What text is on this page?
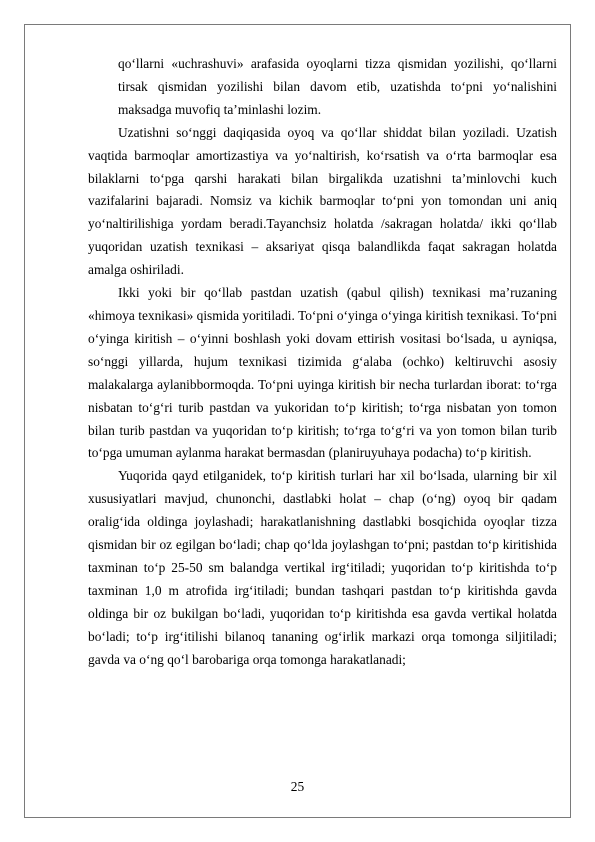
qo‘llarni «uchrashuvi» arafasida oyoqlarni tizza qismidan yozilishi, qo‘llarni tirsak qismidan yozilishi bilan davom etib, uzatishda to‘pni yo‘nalishini maksadga muvofiq ta’minlashi lozim.

Uzatishni so‘nggi daqiqasida oyoq va qo‘llar shiddat bilan yoziladi. Uzatish vaqtida barmoqlar amortizastiya va yo‘naltirish, ko‘rsatish va o‘rta barmoqlar esa bilaklarni to‘pga qarshi harakati bilan birgalikda uzatishni ta’minlovchi kuch vazifalarini bajaradi. Nomsiz va kichik barmoqlar to‘pni yon tomondan uni aniq yo‘naltirilishiga yordam beradi.Tayanchsiz holatda /sakragan holatda/ ikki qo‘llab yuqoridan uzatish texnikasi – aksariyat qisqa balandlikda faqat sakragan holatda amalga oshiriladi.

Ikki yoki bir qo‘llab pastdan uzatish (qabul qilish) texnikasi ma’ruzaning «himoya texnikasi» qismida yoritiladi. To‘pni o‘yinga o‘yinga kiritish texnikasi. To‘pni o‘yinga kiritish – o‘yinni boshlash yoki dovam ettirish vositasi bo‘lsada, u ayniqsa, so‘nggi yillarda, hujum texnikasi tizimida g‘alaba (ochko) keltiruvchi asosiy malakalarga aylanibbormoqda. To‘pni uyinga kiritish bir necha turlardan iborat: to‘rga nisbatan to‘g‘ri turib pastdan va yukoridan to‘p kiritish; to‘rga nisbatan yon tomon bilan turib pastdan va yuqoridan to‘p kiritish; to‘rga to‘g‘ri va yon tomon bilan turib to‘pga umuman aylanma harakat bermasdan (planiruyuhaya podacha) to‘p kiritish.

Yuqorida qayd etilganidek, to‘p kiritish turlari har xil bo‘lsada, ularning bir xil xususiyatlari mavjud, chunonchi, dastlabki holat – chap (o‘ng) oyoq bir qadam oralig‘ida oldinga joylashadi; harakatlanishning dastlabki bosqichida oyoqlar tizza qismidan bir oz egilgan bo‘ladi; chap qo‘lda joylashgan to‘pni; pastdan to‘p kiritishida taxminan to‘p 25-50 sm balandga vertikal irg‘itiladi; yuqoridan to‘p kiritishda to‘p taxminan 1,0 m atrofida irg‘itiladi; bundan tashqari pastdan to‘p kiritishda gavda oldinga bir oz bukilgan bo‘ladi, yuqoridan to‘p kiritishda esa gavda vertikal holatda bo‘ladi; to‘p irg‘itilishi bilanoq tananing og‘irlik markazi orqa tomonga siljitiladi; gavda va o‘ng qo‘l barobariga orqa tomonga harakatlanadi;

25
